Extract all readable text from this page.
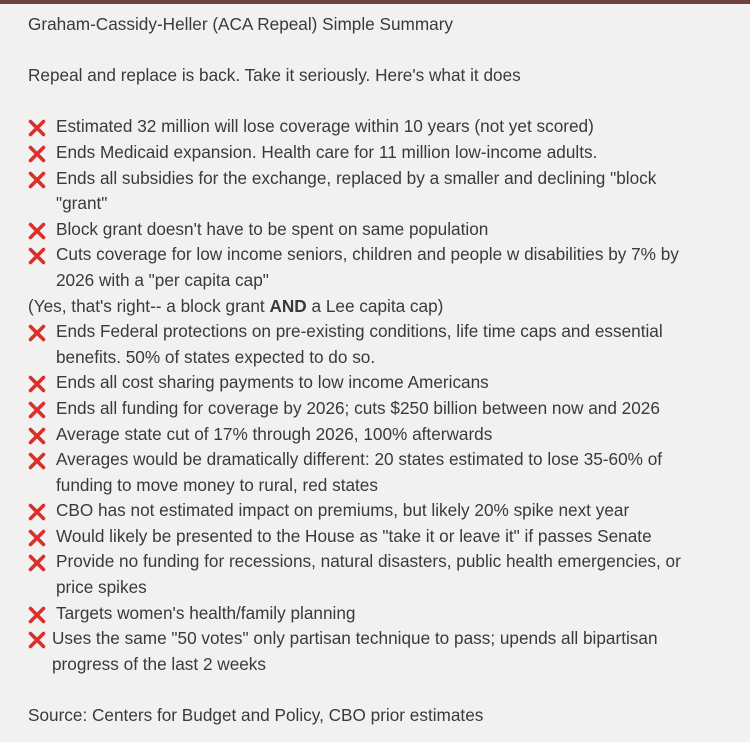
Graham-Cassidy-Heller (ACA Repeal) Simple Summary
Repeal and replace is back. Take it seriously. Here's what it does
Estimated 32 million will lose coverage within 10 years (not yet scored)
Ends Medicaid expansion. Health care for 11 million low-income adults.
Ends all subsidies for the exchange, replaced by a smaller and declining "block
"grant"
Block grant doesn't have to be spent on same population
Cuts coverage for low income seniors, children and people w disabilities by 7% by
2026 with a "per capita cap"
(Yes, that's right-- a block grant AND a Lee capita cap)
Ends Federal protections on pre-existing conditions, life time caps and essential
benefits. 50% of states expected to do so.
Ends all cost sharing payments to low income Americans
Ends all funding for coverage by 2026; cuts $250 billion between now and 2026
Average state cut of 17% through 2026, 100% afterwards
Averages would be dramatically different: 20 states estimated to lose 35-60% of
funding to move money to rural, red states
CBO has not estimated impact on premiums, but likely 20% spike next year
Would likely be presented to the House as "take it or leave it" if passes Senate
Provide no funding for recessions, natural disasters, public health emergencies, or
price spikes
Targets women's health/family planning
Uses the same "50 votes" only partisan technique to pass; upends all bipartisan
progress of the last 2 weeks
Source: Centers for Budget and Policy, CBO prior estimates
